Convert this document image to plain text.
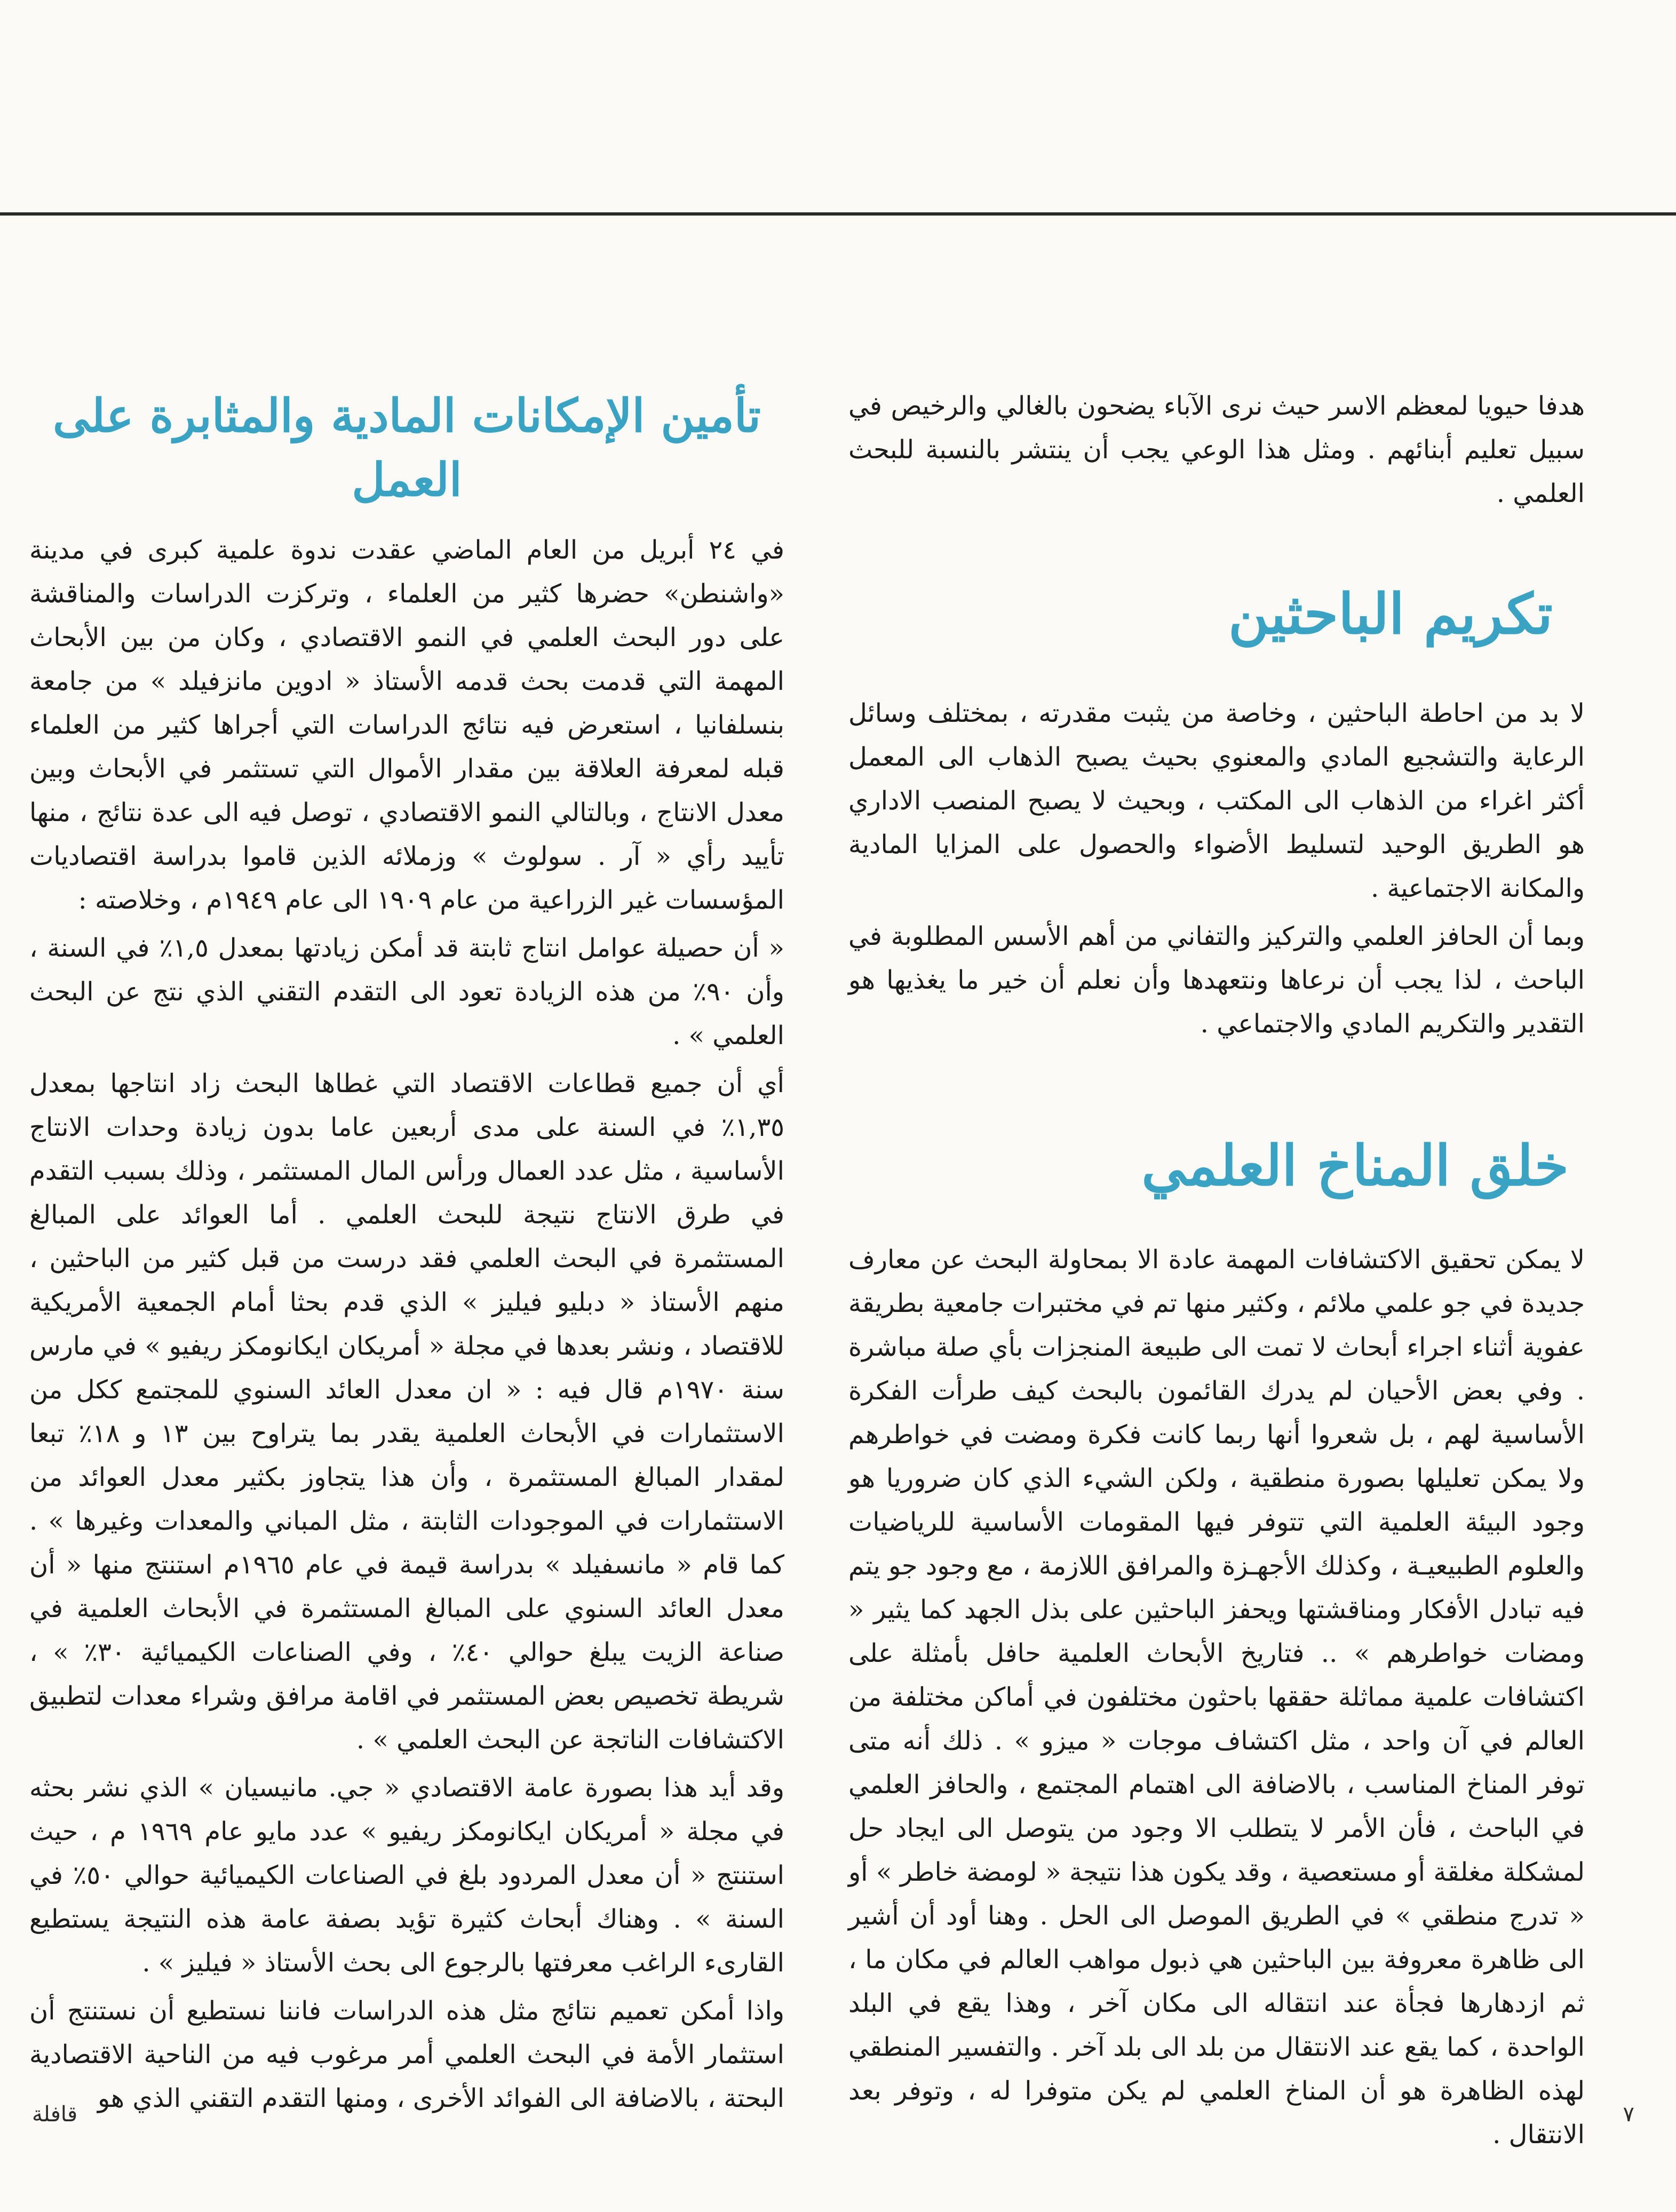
هدفا حيويا لمعظم الاسر حيث نرى الآباء يضحون بالغالي والرخيص في سبيل تعليم أبنائهم . ومثل هذا الوعي يجب أن ينتشر بالنسبة للبحث العلمي .

تكريم الباحثين

لا بد من احاطة الباحثين ، وخاصة من يثبت مقدرته ، بمختلف وسائل الرعاية والتشجيع المادي والمعنوي بحيث يصبح الذهاب الى المعمل أكثر اغراء من الذهاب الى المكتب ، وبحيث لا يصبح المنصب الاداري هو الطريق الوحيد لتسليط الأضواء والحصول على المزايا المادية والمكانة الاجتماعية .

وبما أن الحافز العلمي والتركيز والتفاني من أهم الأسس المطلوبة في الباحث ، لذا يجب أن نرعاها ونتعهدها وأن نعلم أن خير ما يغذيها هو التقدير والتكريم المادي والاجتماعي .

خلق المناخ العلمي

لا يمكن تحقيق الاكتشافات المهمة عادة الا بمحاولة البحث عن معارف جديدة في جو علمي ملائم ، وكثير منها تم في مختبرات جامعية بطريقة عفوية أثناء اجراء أبحاث لا تمت الى طبيعة المنجزات بأي صلة مباشرة . وفي بعض الأحيان لم يدرك القائمون بالبحث كيف طرأت الفكرة الأساسية لهم ، بل شعروا أنها ربما كانت فكرة ومضت في خواطرهم ولا يمكن تعليلها بصورة منطقية ، ولكن الشيء الذي كان ضروريا هو وجود البيئة العلمية التي تتوفر فيها المقومات الأساسية للرياضيات والعلوم الطبيعيـة ، وكذلك الأجهـزة والمرافق اللازمة ، مع وجود جو يتم فيه تبادل الأفكار ومناقشتها ويحفز الباحثين على بذل الجهد كما يثير « ومضات خواطرهم » .. فتاريخ الأبحاث العلمية حافل بأمثلة على اكتشافات علمية مماثلة حققها باحثون مختلفون في أماكن مختلفة من العالم في آن واحد ، مثل اكتشاف موجات « ميزو » . ذلك أنه متى توفر المناخ المناسب ، بالاضافة الى اهتمام المجتمع ، والحافز العلمي في الباحث ، فأن الأمر لا يتطلب الا وجود من يتوصل الى ايجاد حل لمشكلة مغلقة أو مستعصية ، وقد يكون هذا نتيجة « لومضة خاطر » أو « تدرج منطقي » في الطريق الموصل الى الحل . وهنا أود أن أشير الى ظاهرة معروفة بين الباحثين هي ذبول مواهب العالم في مكان ما ، ثم ازدهارها فجأة عند انتقاله الى مكان آخر ، وهذا يقع في البلد الواحدة ، كما يقع عند الانتقال من بلد الى بلد آخر . والتفسير المنطقي لهذه الظاهرة هو أن المناخ العلمي لم يكن متوفرا له ، وتوفر بعد الانتقال .

تأمين الإمكانات المادية والمثابرة على العمل

في ٢٤ أبريل من العام الماضي عقدت ندوة علمية كبرى في مدينة «واشنطن» حضرها كثير من العلماء ، وتركزت الدراسات والمناقشة على دور البحث العلمي في النمو الاقتصادي ، وكان من بين الأبحاث المهمة التي قدمت بحث قدمه الأستاذ « ادوين مانزفيلد » من جامعة بنسلفانيا ، استعرض فيه نتائج الدراسات التي أجراها كثير من العلماء قبله لمعرفة العلاقة بين مقدار الأموال التي تستثمر في الأبحاث وبين معدل الانتاج ، وبالتالي النمو الاقتصادي ، توصل فيه الى عدة نتائج ، منها تأييد رأي « آر . سولوث » وزملائه الذين قاموا بدراسة اقتصاديات المؤسسات غير الزراعية من عام ١٩٠٩ الى عام ١٩٤٩م ، وخلاصته :

« أن حصيلة عوامل انتاج ثابتة قد أمكن زيادتها بمعدل ١,٥٪ في السنة ، وأن ٩٠٪ من هذه الزيادة تعود الى التقدم التقني الذي نتج عن البحث العلمي » .

أي أن جميع قطاعات الاقتصاد التي غطاها البحث زاد انتاجها بمعدل ١,٣٥٪ في السنة على مدى أربعين عاما بدون زيادة وحدات الانتاج الأساسية ، مثل عدد العمال ورأس المال المستثمر ، وذلك بسبب التقدم في طرق الانتاج نتيجة للبحث العلمي . أما العوائد على المبالغ المستثمرة في البحث العلمي فقد درست من قبل كثير من الباحثين ، منهم الأستاذ « دبليو فيليز » الذي قدم بحثا أمام الجمعية الأمريكية للاقتصاد ، ونشر بعدها في مجلة « أمريكان ايكانومكز ريفيو » في مارس سنة ١٩٧٠م قال فيه : « ان معدل العائد السنوي للمجتمع ككل من الاستثمارات في الأبحاث العلمية يقدر بما يتراوح بين ١٣ و ١٨٪ تبعا لمقدار المبالغ المستثمرة ، وأن هذا يتجاوز بكثير معدل العوائد من الاستثمارات في الموجودات الثابتة ، مثل المباني والمعدات وغيرها » . كما قام « مانسفيلد » بدراسة قيمة في عام ١٩٦٥م استنتج منها « أن معدل العائد السنوي على المبالغ المستثمرة في الأبحاث العلمية في صناعة الزيت يبلغ حوالي ٤٠٪ ، وفي الصناعات الكيميائية ٣٠٪ » ، شريطة تخصيص بعض المستثمر في اقامة مرافق وشراء معدات لتطبيق الاكتشافات الناتجة عن البحث العلمي » .

وقد أيد هذا بصورة عامة الاقتصادي « جي. مانيسيان » الذي نشر بحثه في مجلة « أمريكان ايكانومكز ريفيو » عدد مايو عام ١٩٦٩ م ، حيث استنتج « أن معدل المردود بلغ في الصناعات الكيميائية حوالي ٥٠٪ في السنة » . وهناك أبحاث كثيرة تؤيد بصفة عامة هذه النتيجة يستطيع القارىء الراغب معرفتها بالرجوع الى بحث الأستاذ « فيليز » .

واذا أمكن تعميم نتائج مثل هذه الدراسات فاننا نستطيع أن نستنتج أن استثمار الأمة في البحث العلمي أمر مرغوب فيه من الناحية الاقتصادية البحتة ، بالاضافة الى الفوائد الأخرى ، ومنها التقدم التقني الذي هو

٧
قافلة
